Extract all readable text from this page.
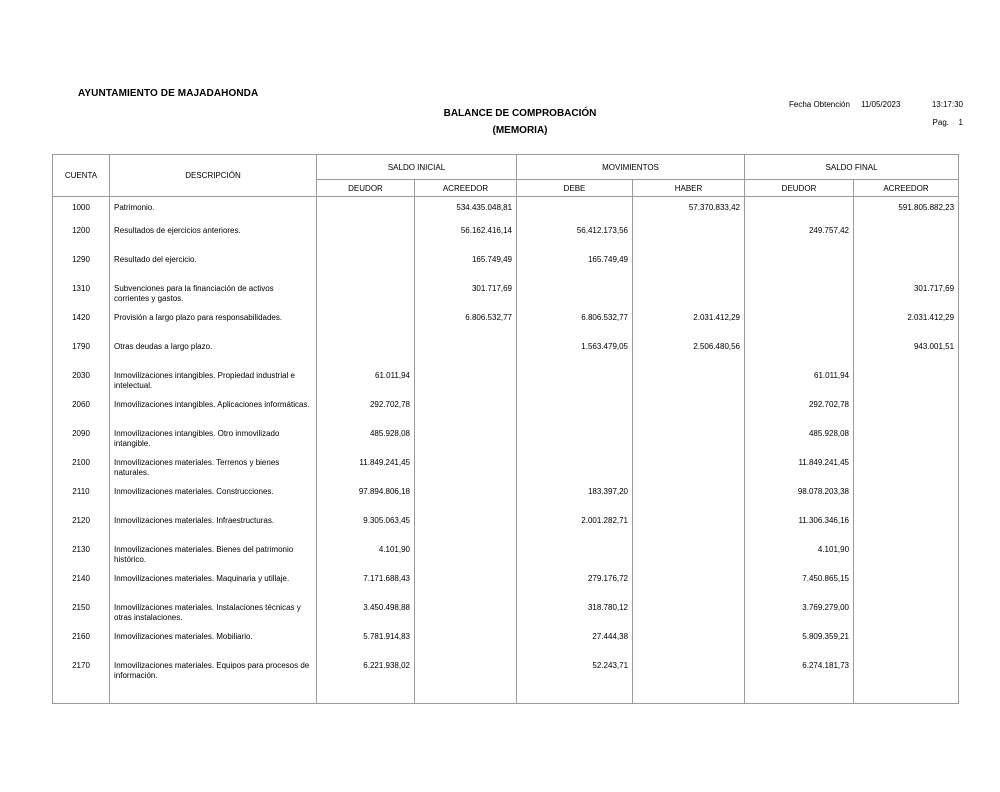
AYUNTAMIENTO DE MAJADAHONDA
BALANCE DE COMPROBACIÓN
(MEMORIA)
Fecha Obtención	11/05/2023	13:17:30
Pag.	1
CUENTA	DESCRIPCIÓN	SALDO INICIAL		MOVIMIENTOS		SALDO FINAL	
		DEUDOR	ACREEDOR	DEBE	HABER	DEUDOR	ACREEDOR
1000	Patrimonio.		534.435.048,81		57.370.833,42		591.805.882,23
1200	Resultados de ejercicios anteriores.		56.162.416,14	56.412.173,56		249.757,42	
1290	Resultado del ejercicio.		165.749,49	165.749,49			
1310	Subvenciones para la financiación de activos corrientes y gastos.		301.717,69				301.717,69
1420	Provisión a largo plazo para responsabilidades.		6.806.532,77	6.806.532,77	2.031.412,29		2.031.412,29
1790	Otras deudas a largo plazo.			1.563.479,05	2.506.480,56		943.001,51
2030	Inmovilizaciones intangibles. Propiedad industrial e intelectual.	61.011,94				61.011,94	
2060	Inmovilizaciones intangibles. Aplicaciones informáticas.	292.702,78				292.702,78	
2090	Inmovilizaciones intangibles. Otro inmovilizado intangible.	485.928,08				485.928,08	
2100	Inmovilizaciones materiales. Terrenos y bienes naturales.	11.849.241,45				11.849.241,45	
2110	Inmovilizaciones materiales. Construcciones.	97.894.806,18		183.397,20		98.078.203,38	
2120	Inmovilizaciones materiales. Infraestructuras.	9.305.063,45		2.001.282,71		11.306.346,16	
2130	Inmovilizaciones materiales. Bienes del patrimonio histórico.	4.101,90				4.101,90	
2140	Inmovilizaciones materiales. Maquinaria y utillaje.	7.171.688,43		279.176,72		7.450.865,15	
2150	Inmovilizaciones materiales. Instalaciones técnicas y otras instalaciones.	3.450.498,88		318.780,12		3.769.279,00	
2160	Inmovilizaciones materiales. Mobiliario.	5.781.914,83		27.444,38		5.809.359,21	
2170	Inmovilizaciones materiales. Equipos para procesos de información.	6.221.938,02		52.243,71		6.274.181,73	
